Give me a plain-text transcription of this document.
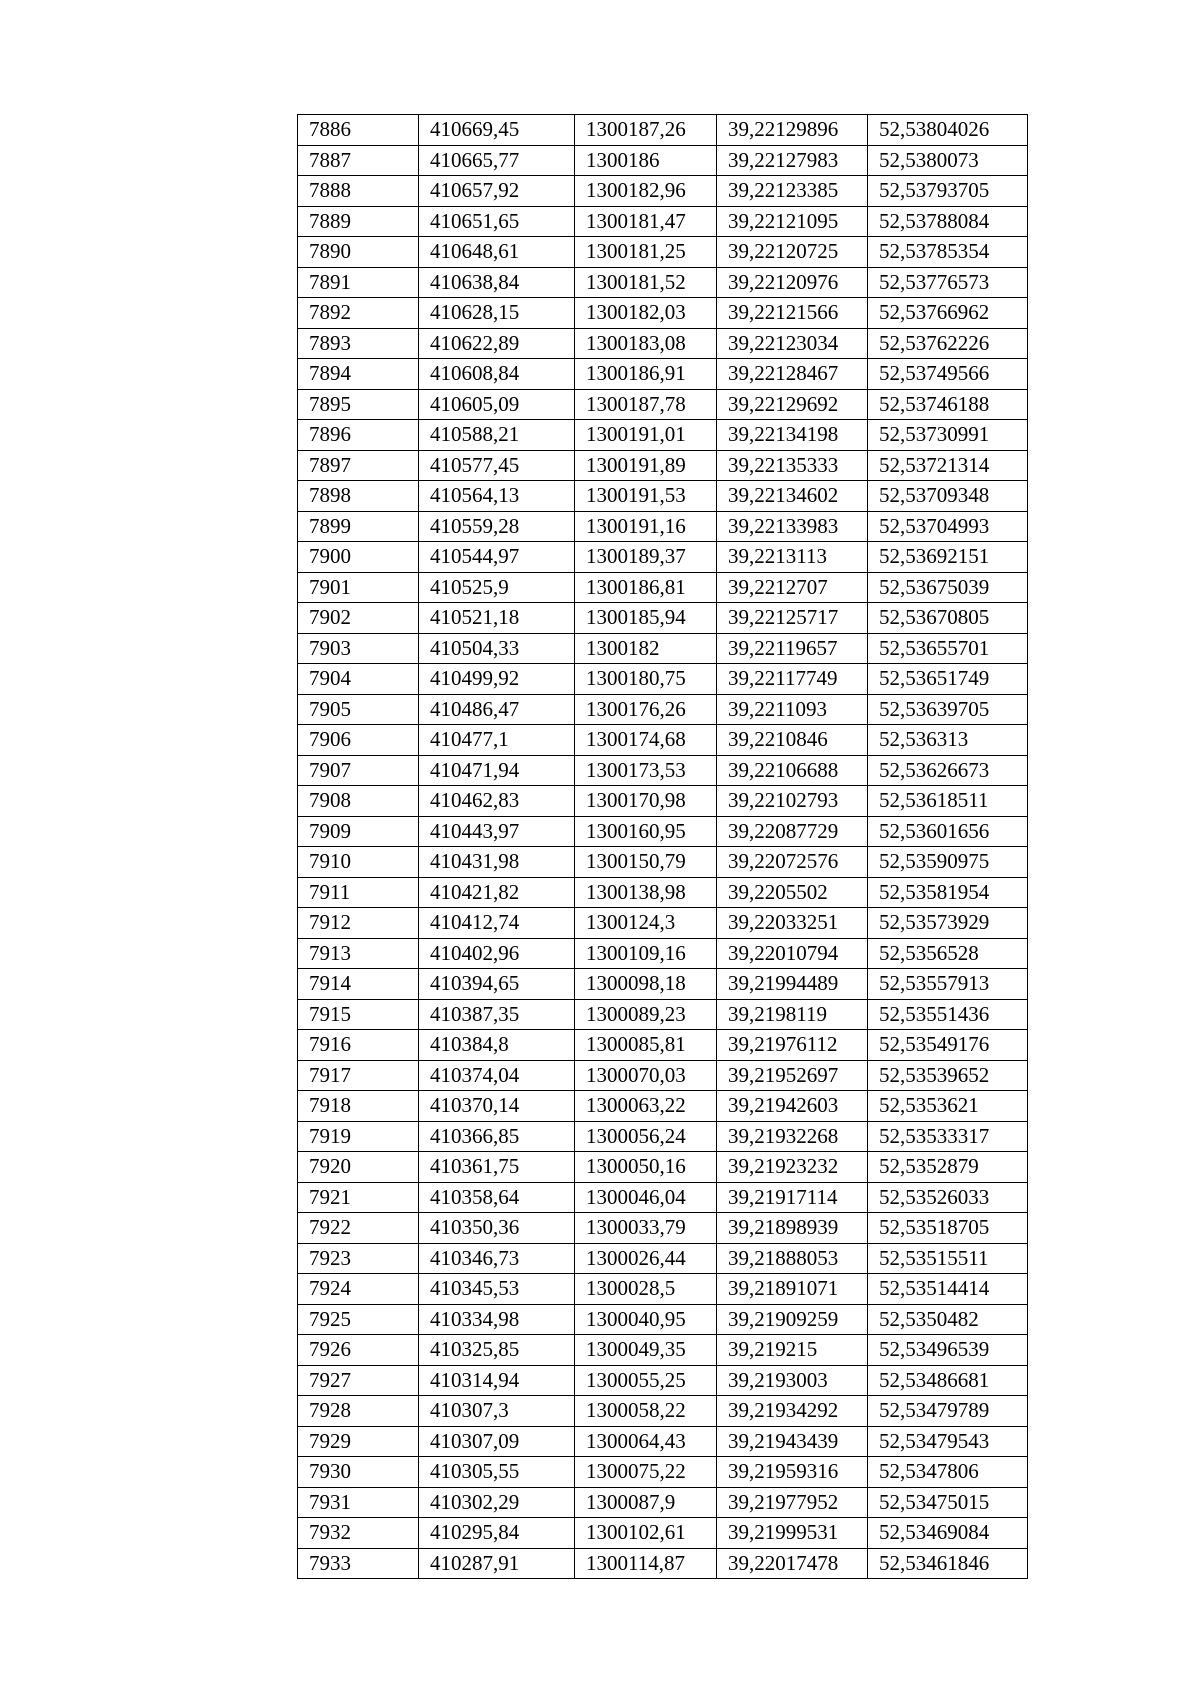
7886	410669,45	1300187,26	39,22129896	52,53804026
7887	410665,77	1300186	39,22127983	52,5380073
7888	410657,92	1300182,96	39,22123385	52,53793705
7889	410651,65	1300181,47	39,22121095	52,53788084
7890	410648,61	1300181,25	39,22120725	52,53785354
7891	410638,84	1300181,52	39,22120976	52,53776573
7892	410628,15	1300182,03	39,22121566	52,53766962
7893	410622,89	1300183,08	39,22123034	52,53762226
7894	410608,84	1300186,91	39,22128467	52,53749566
7895	410605,09	1300187,78	39,22129692	52,53746188
7896	410588,21	1300191,01	39,22134198	52,53730991
7897	410577,45	1300191,89	39,22135333	52,53721314
7898	410564,13	1300191,53	39,22134602	52,53709348
7899	410559,28	1300191,16	39,22133983	52,53704993
7900	410544,97	1300189,37	39,2213113	52,53692151
7901	410525,9	1300186,81	39,2212707	52,53675039
7902	410521,18	1300185,94	39,22125717	52,53670805
7903	410504,33	1300182	39,22119657	52,53655701
7904	410499,92	1300180,75	39,22117749	52,53651749
7905	410486,47	1300176,26	39,2211093	52,53639705
7906	410477,1	1300174,68	39,2210846	52,536313
7907	410471,94	1300173,53	39,22106688	52,53626673
7908	410462,83	1300170,98	39,22102793	52,53618511
7909	410443,97	1300160,95	39,22087729	52,53601656
7910	410431,98	1300150,79	39,22072576	52,53590975
7911	410421,82	1300138,98	39,2205502	52,53581954
7912	410412,74	1300124,3	39,22033251	52,53573929
7913	410402,96	1300109,16	39,22010794	52,5356528
7914	410394,65	1300098,18	39,21994489	52,53557913
7915	410387,35	1300089,23	39,2198119	52,53551436
7916	410384,8	1300085,81	39,21976112	52,53549176
7917	410374,04	1300070,03	39,21952697	52,53539652
7918	410370,14	1300063,22	39,21942603	52,5353621
7919	410366,85	1300056,24	39,21932268	52,53533317
7920	410361,75	1300050,16	39,21923232	52,5352879
7921	410358,64	1300046,04	39,21917114	52,53526033
7922	410350,36	1300033,79	39,21898939	52,53518705
7923	410346,73	1300026,44	39,21888053	52,53515511
7924	410345,53	1300028,5	39,21891071	52,53514414
7925	410334,98	1300040,95	39,21909259	52,5350482
7926	410325,85	1300049,35	39,219215	52,53496539
7927	410314,94	1300055,25	39,2193003	52,53486681
7928	410307,3	1300058,22	39,21934292	52,53479789
7929	410307,09	1300064,43	39,21943439	52,53479543
7930	410305,55	1300075,22	39,21959316	52,5347806
7931	410302,29	1300087,9	39,21977952	52,53475015
7932	410295,84	1300102,61	39,21999531	52,53469084
7933	410287,91	1300114,87	39,22017478	52,53461846
